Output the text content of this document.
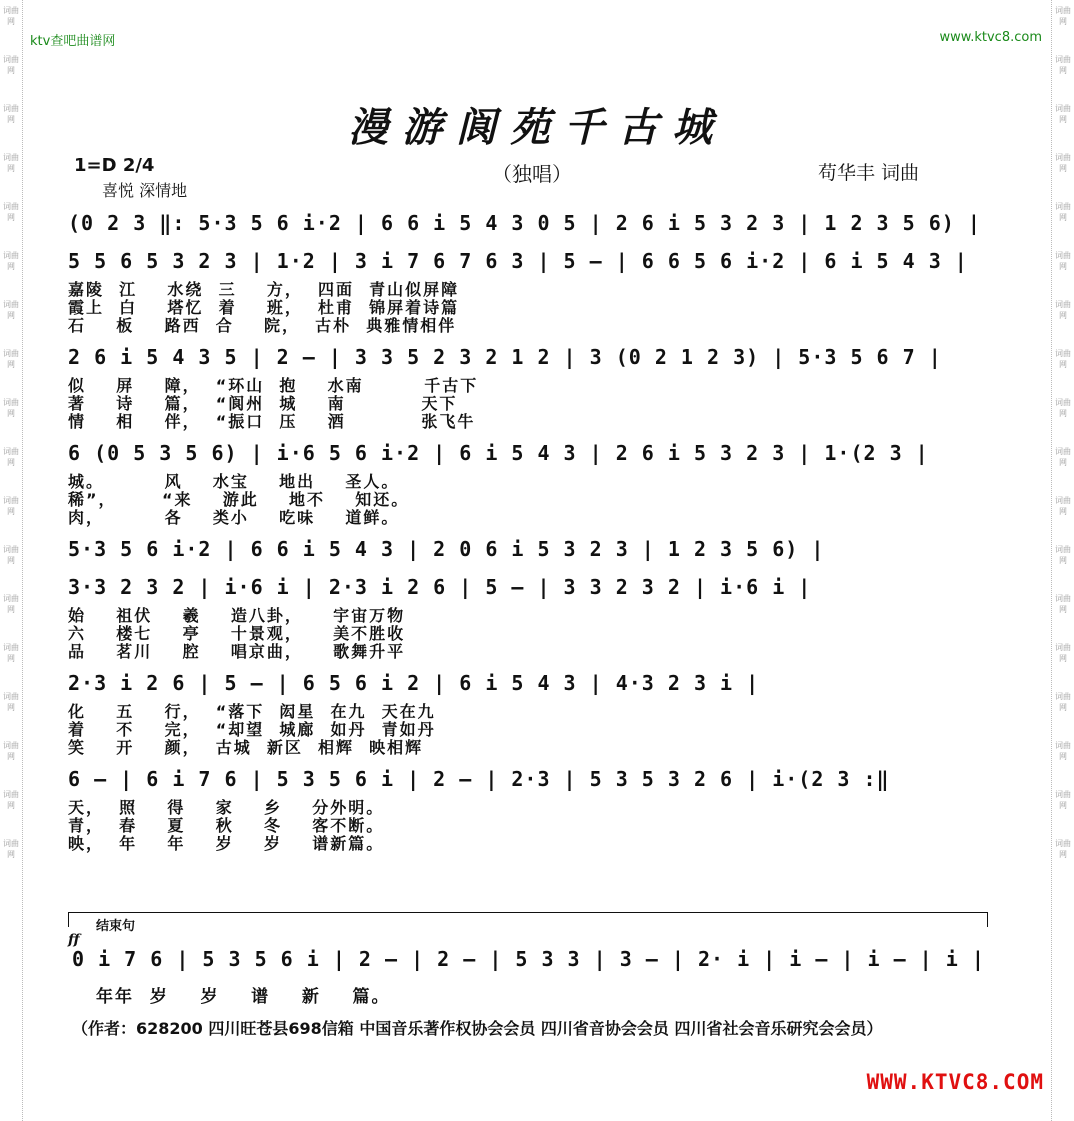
词曲网
词曲网
词曲网
词曲网
词曲网
词曲网
词曲网
词曲网
词曲网
词曲网
词曲网
词曲网
词曲网
词曲网
词曲网
词曲网
词曲网
词曲网
词曲网
词曲网
词曲网
词曲网
词曲网
词曲网
词曲网
词曲网
词曲网
词曲网
词曲网
词曲网
词曲网
词曲网
词曲网
词曲网
词曲网
词曲网
ktv查吧曲谱网	www.ktvc8.com
漫游阆苑千古城
1=D 2/4
喜悦 深情地
（独唱）	苟华丰 词曲
(0 2 3 ‖: 5·3 5 6 i·2 | 6 6 i 5 4 3 0 5 | 2 6 i 5 3 2 3 | 1 2 3 5 6) |
5 5 6 5 3 2 3 | 1·2 | 3 i 7 6 7 6 3 | 5 — | 6 6 5 6 i·2 | 6 i 5 4 3 |
嘉陵  江    水绕  三    方，  四面  青山似屏障
霞上  白    塔忆  着    班，  杜甫  锦屏着诗篇
石    板    路西  合    院，  古朴  典雅情相伴
2 6 i 5 4 3 5 | 2 — | 3 3 5 2 3 2 1 2 | 3 (0 2 1 2 3) | 5·3 5 6 7 |
似    屏    障，  “环山  抱    水南        千古下
著    诗    篇，  “阆州  城    南          天下
情    相    伴，  “振口  压    酒          张飞牛
6 (0 5 3 5 6) | i·6 5 6 i·2 | 6 i 5 4 3 | 2 6 i 5 3 2 3 | 1·(2 3 |
城。        风    水宝    地出    圣人。
稀”，      “来    游此    地不    知还。
肉，        各    类小    吃味    道鲜。
5·3 5 6 i·2 | 6 6 i 5 4 3 | 2 0 6 i 5 3 2 3 | 1 2 3 5 6) |
3·3 2 3 2 | i·6 i | 2·3 i 2 6 | 5 — | 3 3 2 3 2 | i·6 i |
始    祖伏    羲    造八卦，    宇宙万物
六    楼七    亭    十景观，    美不胜收
品    茗川    腔    唱京曲，    歌舞升平
2·3 i 2 6 | 5 — | 6 5 6 i 2 | 6 i 5 4 3 | 4·3 2 3 i |
化    五    行，  “落下  闳星  在九  天在九
着    不    完，  “却望  城廊  如丹  青如丹
笑    开    颜，  古城  新区  相辉  映相辉
6 — | 6 i 7 6 | 5 3 5 6 i | 2 — | 2·3 | 5 3 5 3 2 6 | i·(2 3 :‖
天，  照    得    家    乡    分外明。
青，  春    夏    秋    冬    客不断。
映，  年    年    岁    岁    谱新篇。
结束句
ff
0 i 7 6 | 5 3 5 6 i | 2 — | 2 — | 5 3 3 | 3 — | 2· i | i — | i — | i |
年年  岁    岁    谱    新    篇。
（作者：628200 四川旺苍县698信箱 中国音乐著作权协会会员 四川省音协会会员 四川省社会音乐研究会会员）
WWW.KTVC8.COM
